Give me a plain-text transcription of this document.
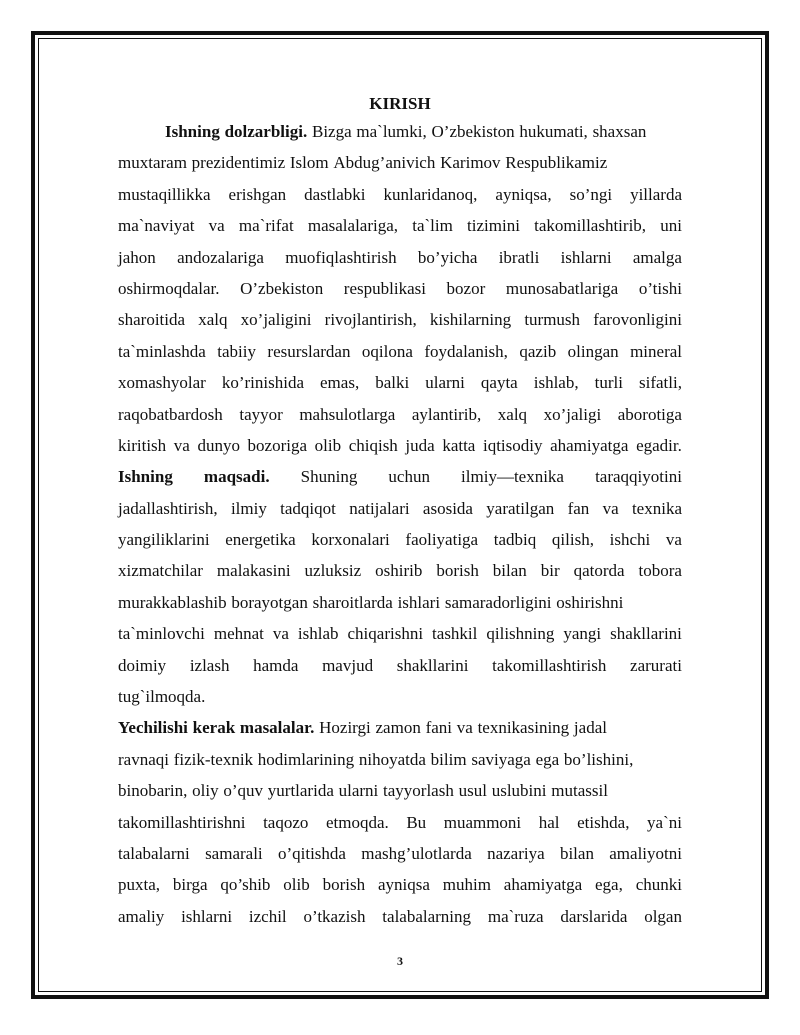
KIRISH
Ishning dolzarbligi. Bizga ma`lumki, O’zbekiston hukumati, shaxsan
muxtaram prezidentimiz Islom Abdug’anivich Karimov Respublikamiz
mustaqillikka erishgan dastlabki kunlaridanoq, ayniqsa, so’ngi yillarda
ma`naviyat va ma`rifat masalalariga, ta`lim tizimini takomillashtirib, uni
jahon andozalariga muofiqlashtirish bo’yicha ibratli ishlarni amalga
oshirmoqdalar. O’zbekiston respublikasi bozor munosabatlariga o’tishi
sharoitida xalq xo’jaligini rivojlantirish, kishilarning turmush farovonligini
ta`minlashda tabiiy resurslardan oqilona foydalanish, qazib olingan mineral
xomashyolar ko’rinishida emas, balki ularni qayta ishlab, turli sifatli,
raqobatbardosh tayyor mahsulotlarga aylantirib, xalq xo’jaligi aborotiga
kiritish va dunyo bozoriga olib chiqish juda katta iqtisodiy ahamiyatga egadir.
Ishning maqsadi. Shuning uchun ilmiy—texnika taraqqiyotini
jadallashtirish, ilmiy tadqiqot natijalari asosida yaratilgan fan va texnika
yangiliklarini energetika korxonalari faoliyatiga tadbiq qilish, ishchi va
xizmatchilar malakasini uzluksiz oshirib borish bilan bir qatorda tobora
murakkablashib borayotgan sharoitlarda ishlari samaradorligini oshirishni
ta`minlovchi mehnat va ishlab chiqarishni tashkil qilishning yangi shakllarini
doimiy izlash hamda mavjud shakllarini takomillashtirish zarurati
tug`ilmoqda.
Yechilishi kerak masalalar. Hozirgi zamon fani va texnikasining jadal
ravnaqi fizik-texnik hodimlarining nihoyatda bilim saviyaga ega bo’lishini,
binobarin, oliy o’quv yurtlarida ularni tayyorlash usul uslubini mutassil
takomillashtirishni taqozo etmoqda. Bu muammoni hal etishda, ya`ni
talabalarni samarali o’qitishda mashg’ulotlarda nazariya bilan amaliyotni
puxta, birga qo’shib olib borish ayniqsa muhim ahamiyatga ega, chunki
amaliy ishlarni izchil o’tkazish talabalarning ma`ruza darslarida olgan
3
